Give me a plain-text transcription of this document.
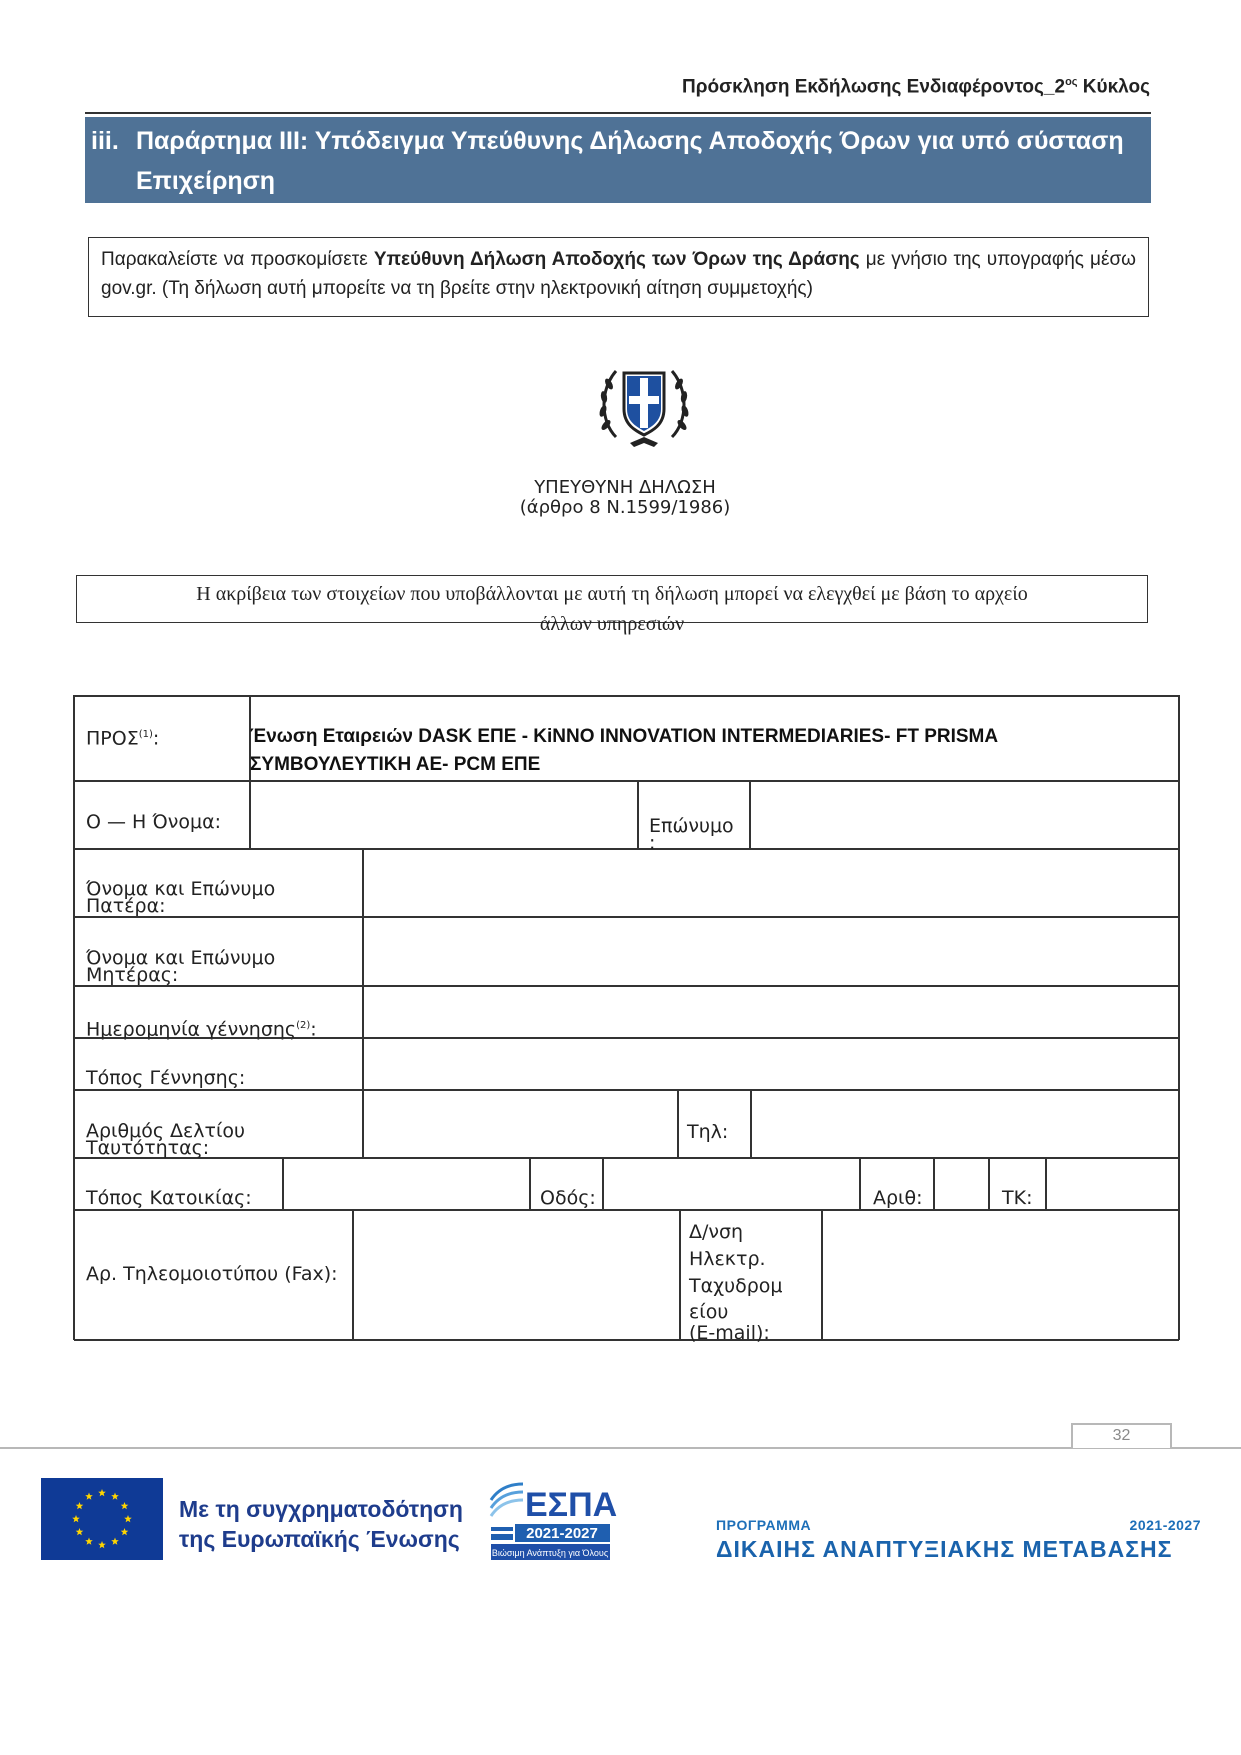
Πρόσκληση Εκδήλωσης $E\nu\delta\iota\alpha\varphi έ\rho o\nu\tau o\varsigma\_2^{o\varsigma}$ Κύκλος
iii. Παράρτημα ΙΙΙ: Υπόδειγμα Υπεύθυνης Δήλωσης Αποδοχής Όρων για υπό σύσταση
Επιχείρηση
Παρακαλείστε να προσκομίσετε Υπεύθυνη Δήλωση Αποδοχής των Όρων της Δράσης με γνήσιο της υπογραφής μέσω gov.gr. (Τη δήλωση αυτή μπορείτε να τη βρείτε στην ηλεκτρονική αίτηση συμμετοχής)
ΥΠΕΥΘΥΝΗ ΔΗΛΩΣΗ
(άρθρο 8 Ν.1599/1986)
Η ακρίβεια των στοιχείων που υποβάλλονται με αυτή τη δήλωση μπορεί να ελεγχθεί με βάση το αρχείο
άλλων υπηρεσιών
ΠΡΟΣ$^{(1)}$:	Ένωση Εταιρειών DASK ΕΠΕ - KiNNO INNOVATION INTERMEDIARIES- FT PRISMA ΣΥΜΒΟΥΛΕΥΤΙΚΗ ΑΕ- PCM ΕΠΕ
Ο — Η Όνομα:	Επώνυμο
:
Όνομα και Επώνυμο
Πατέρα:
Όνομα και Επώνυμο
Μητέρας:
Ημερομηνία γέννησης$^{(2)}$:
Τόπος Γέννησης:
Αριθμός Δελτίου
Ταυτότητας:
Τηλ:
Τόπος Κατοικίας:	Οδός:	Αριθ:	ΤΚ:
Αρ. Τηλεομοιοτύπου (Fax):
Δ/νση
Ηλεκτρ.
Ταχυδρομ
είου
(E-mail):
32
Με τη συγχρηματοδότηση
της Ευρωπαϊκής Ένωσης
ΕΣΠΑ
2021-2027
Βιώσιμη Ανάπτυξη για Όλους
ΠΡΟΓΡΑΜΜΑ	2021-2027
ΔΙΚΑΙΗΣ ΑΝΑΠΤΥΞΙΑΚΗΣ ΜΕΤΑΒΑΣΗΣ
